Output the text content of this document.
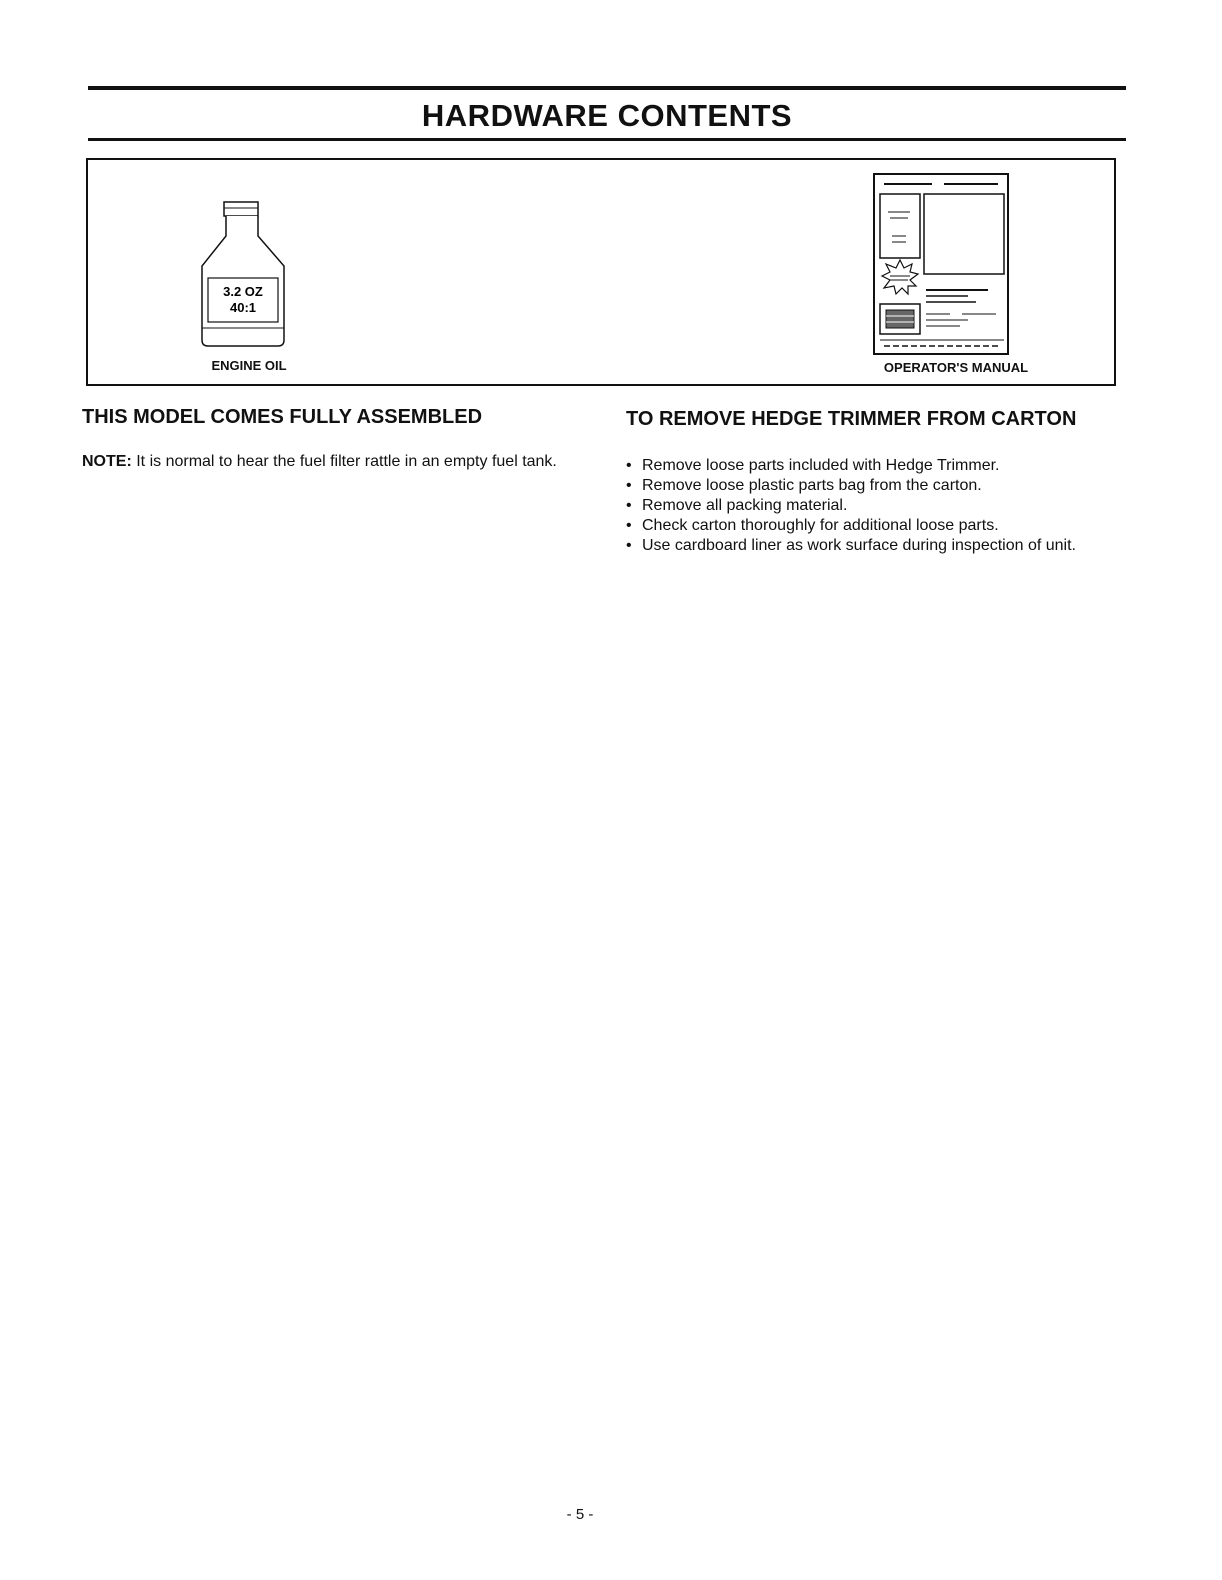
HARDWARE CONTENTS
3.2 OZ
40:1
ENGINE OIL	OPERATOR'S MANUAL
THIS MODEL COMES FULLY ASSEMBLED

NOTE: It is normal to hear the fuel filter rattle in an empty fuel tank.

TO REMOVE HEDGE TRIMMER FROM CARTON
• Remove loose parts included with Hedge Trimmer.
• Remove loose plastic parts bag from the carton.
• Remove all packing material.
• Check carton thoroughly for additional loose parts.
• Use cardboard liner as work surface during inspection of unit.
- 5 -
